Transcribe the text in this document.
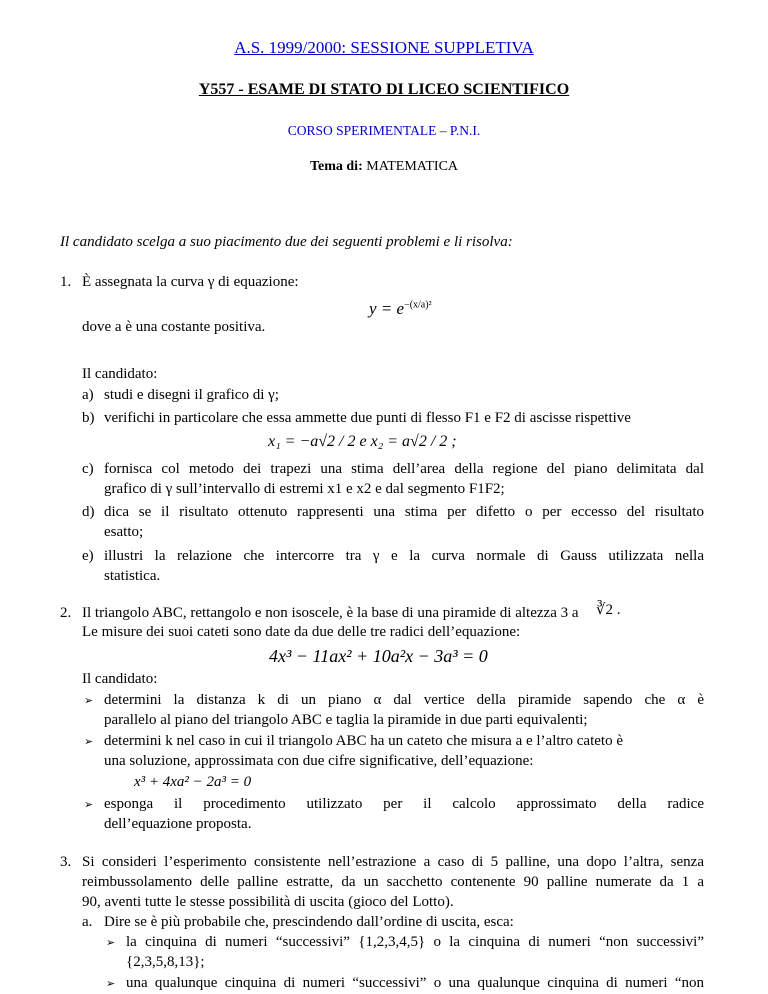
A.S. 1999/2000: SESSIONE SUPPLETIVA
Y557 - ESAME DI STATO DI LICEO SCIENTIFICO
CORSO SPERIMENTALE – P.N.I.
Tema di: MATEMATICA
Il candidato scelga a suo piacimento due dei seguenti problemi e li risolva:
1. È assegnata la curva γ di equazione:
$y = e^{-(x/a)^2}$
dove a è una costante positiva.
Il candidato:
a) studi e disegni il grafico di γ;
b) verifichi in particolare che essa ammette due punti di flesso F1 e F2 di ascisse rispettive
x₁ = −a√2 / 2 e x₂ = a√2 / 2 ;
c) fornisca col metodo dei trapezi una stima dell’area della regione del piano delimitata dal
grafico di γ sull’intervallo di estremi x1 e x2 e dal segmento F1F2;
d) dica se il risultato ottenuto rappresenti una stima per difetto o per eccesso del risultato
esatto;
e) illustri la relazione che intercorre tra γ e la curva normale di Gauss utilizzata nella
statistica.
2. Il triangolo ABC, rettangolo e non isoscele, è la base di una piramide di altezza 3 a ∛2 .
Le misure dei suoi cateti sono date da due delle tre radici dell’equazione:
4x³ − 11ax² + 10a²x − 3a³ = 0
Il candidato:
➢ determini la distanza k di un piano α dal vertice della piramide sapendo che α è
parallelo al piano del triangolo ABC e taglia la piramide in due parti equivalenti;
➢ determini k nel caso in cui il triangolo ABC ha un cateto che misura a e l’altro cateto è
una soluzione, approssimata con due cifre significative, dell’equazione:
x³ + 4xa² − 2a³ = 0
➢ esponga il procedimento utilizzato per il calcolo approssimato della radice
dell’equazione proposta.
3. Si consideri l’esperimento consistente nell’estrazione a caso di 5 palline, una dopo l’altra, senza
reimbussolamento delle palline estratte, da un sacchetto contenente 90 palline numerate da 1 a
90, aventi tutte le stesse possibilità di uscita (gioco del Lotto).
a. Dire se è più probabile che, prescindendo dall’ordine di uscita, esca:
➢ la cinquina di numeri “successivi” {1,2,3,4,5} o la cinquina di numeri “non successivi”
{2,3,5,8,13};
➢ una qualunque cinquina di numeri “successivi” o una qualunque cinquina di numeri “non
